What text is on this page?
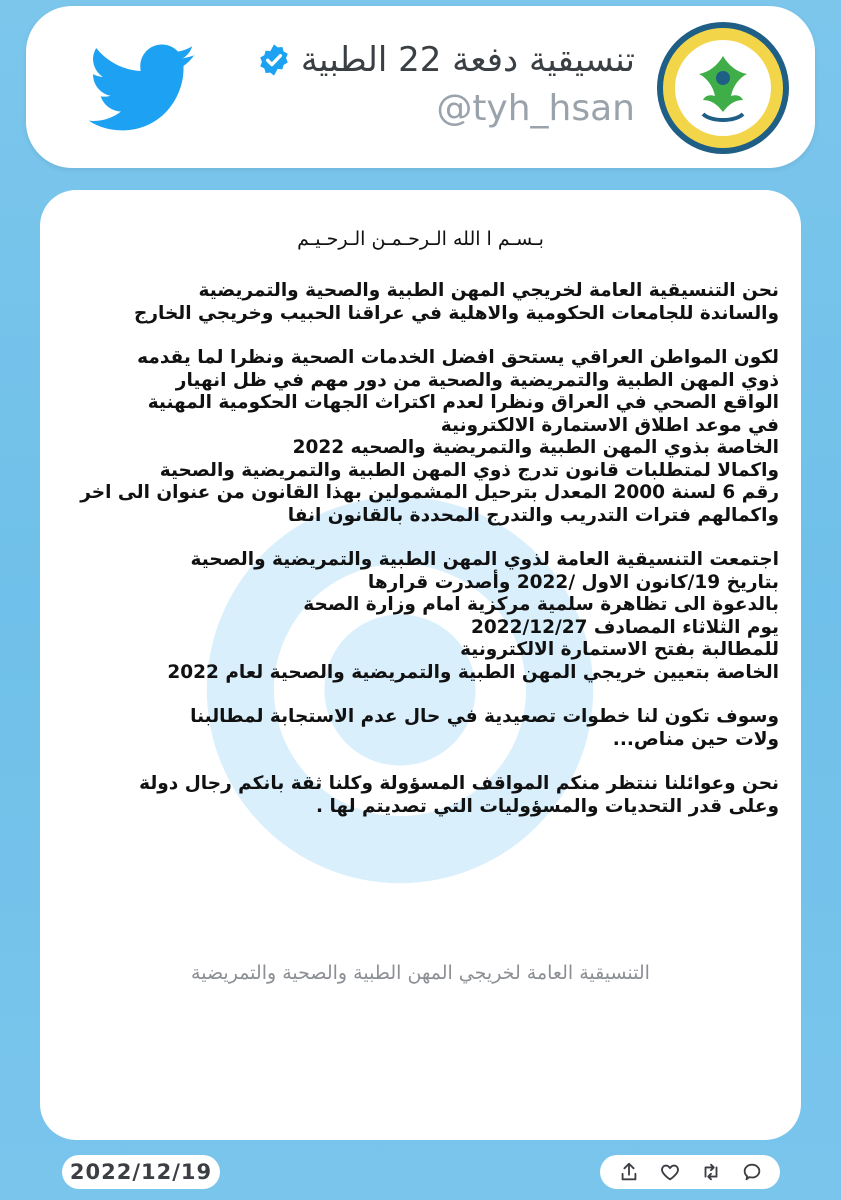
تنسيقية دفعة 22 الطبية
@tyh_hsan
بـسـم ا الله الـرحـمـن الـرحـيـم
نحن التنسيقية العامة لخريجي المهن الطبية والصحية والتمريضية
والساندة للجامعات الحكومية والاهلية في عراقنا الحبيب وخريجي الخارج
لكون المواطن العراقي يستحق افضل الخدمات الصحية ونظرا لما يقدمه
ذوي المهن الطبية والتمريضية والصحية من دور مهم في ظل انهيار
الواقع الصحي في العراق ونظرا لعدم اكتراث الجهات الحكومية المهنية
في موعد اطلاق الاستمارة الالكترونية
الخاصة بذوي المهن الطبية والتمريضية والصحيه 2022
واكمالا لمتطلبات قانون تدرج ذوي المهن الطبية والتمريضية والصحية
رقم 6 لسنة 2000 المعدل بترحيل المشمولين بهذا القانون من عنوان الى اخر
واكمالهم فترات التدريب والتدرج المحددة بالقانون انفا
اجتمعت التنسيقية العامة لذوي المهن الطبية والتمريضية والصحية
بتاريخ 19/كانون الاول /2022 وأصدرت قرارها
بالدعوة الى تظاهرة سلمية مركزية امام وزارة الصحة
يوم الثلاثاء المصادف 2022/12/27
للمطالبة بفتح الاستمارة الالكترونية
الخاصة بتعيين خريجي المهن الطبية والتمريضية والصحية لعام 2022
وسوف تكون لنا خطوات تصعيدية في حال عدم الاستجابة لمطالبنا
ولات حين مناص...
نحن وعوائلنا ننتظر منكم المواقف المسؤولة وكلنا ثقة بانكم رجال دولة
وعلى قدر التحديات والمسؤوليات التي تصديتم لها .
التنسيقية العامة لخريجي المهن الطبية والصحية والتمريضية
2022/12/19
